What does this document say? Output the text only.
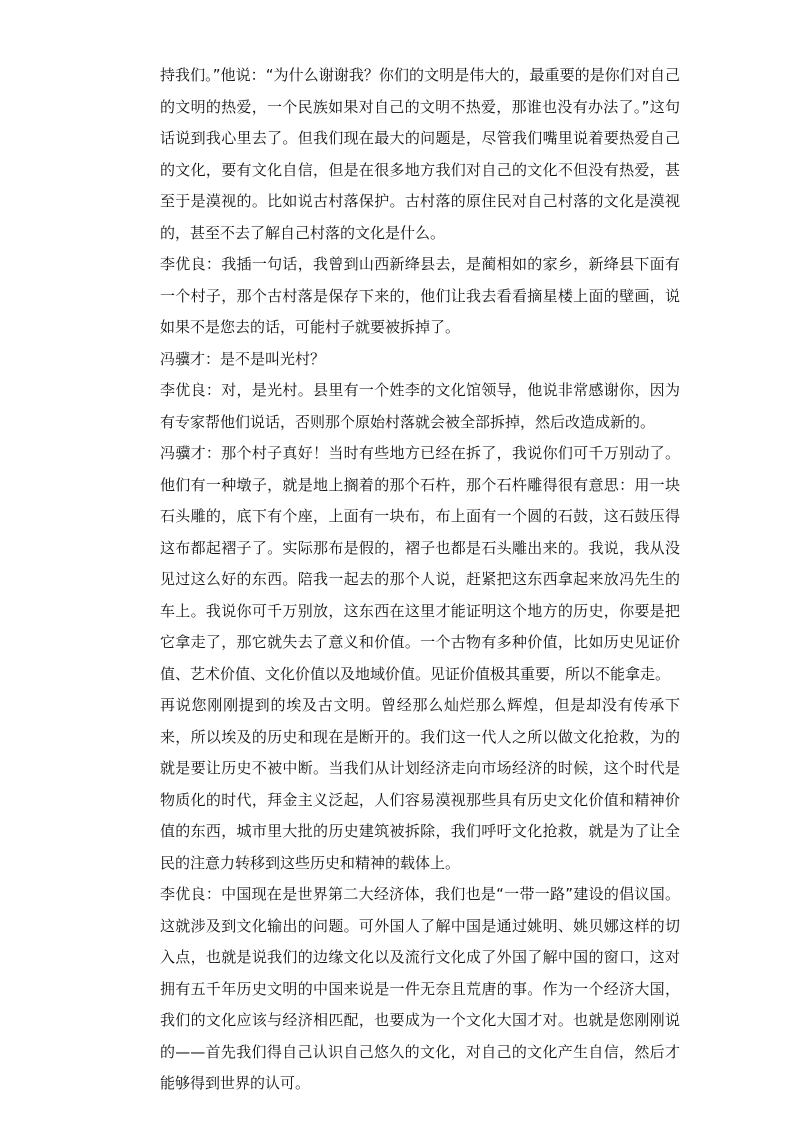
持我们。”他说：“为什么谢谢我？你们的文明是伟大的，最重要的是你们对自己的文明的热爱，一个民族如果对自己的文明不热爱，那谁也没有办法了。”这句话说到我心里去了。但我们现在最大的问题是，尽管我们嘴里说着要热爱自己的文化，要有文化自信，但是在很多地方我们对自己的文化不但没有热爱，甚至于是漠视的。比如说古村落保护。古村落的原住民对自己村落的文化是漠视的，甚至不去了解自己村落的文化是什么。

李优良：我插一句话，我曾到山西新绛县去，是蔺相如的家乡，新绛县下面有一个村子，那个古村落是保存下来的，他们让我去看看摘星楼上面的壁画，说如果不是您去的话，可能村子就要被拆掉了。

冯骥才：是不是叫光村？

李优良：对，是光村。县里有一个姓李的文化馆领导，他说非常感谢你，因为有专家帮他们说话，否则那个原始村落就会被全部拆掉，然后改造成新的。

冯骥才：那个村子真好！当时有些地方已经在拆了，我说你们可千万别动了。他们有一种墩子，就是地上搁着的那个石杵，那个石杵雕得很有意思：用一块石头雕的，底下有个座，上面有一块布，布上面有一个圆的石鼓，这石鼓压得这布都起褶子了。实际那布是假的，褶子也都是石头雕出来的。我说，我从没见过这么好的东西。陪我一起去的那个人说，赶紧把这东西拿起来放冯先生的车上。我说你可千万别放，这东西在这里才能证明这个地方的历史，你要是把它拿走了，那它就失去了意义和价值。一个古物有多种价值，比如历史见证价值、艺术价值、文化价值以及地域价值。见证价值极其重要，所以不能拿走。

再说您刚刚提到的埃及古文明。曾经那么灿烂那么辉煌，但是却没有传承下来，所以埃及的历史和现在是断开的。我们这一代人之所以做文化抢救，为的就是要让历史不被中断。当我们从计划经济走向市场经济的时候，这个时代是物质化的时代，拜金主义泛起，人们容易漠视那些具有历史文化价值和精神价值的东西，城市里大批的历史建筑被拆除，我们呼吁文化抢救，就是为了让全民的注意力转移到这些历史和精神的载体上。

李优良：中国现在是世界第二大经济体，我们也是“一带一路”建设的倡议国。这就涉及到文化输出的问题。可外国人了解中国是通过姚明、姚贝娜这样的切入点，也就是说我们的边缘文化以及流行文化成了外国了解中国的窗口，这对拥有五千年历史文明的中国来说是一件无奈且荒唐的事。作为一个经济大国，我们的文化应该与经济相匹配，也要成为一个文化大国才对。也就是您刚刚说的——首先我们得自己认识自己悠久的文化，对自己的文化产生自信，然后才能够得到世界的认可。
